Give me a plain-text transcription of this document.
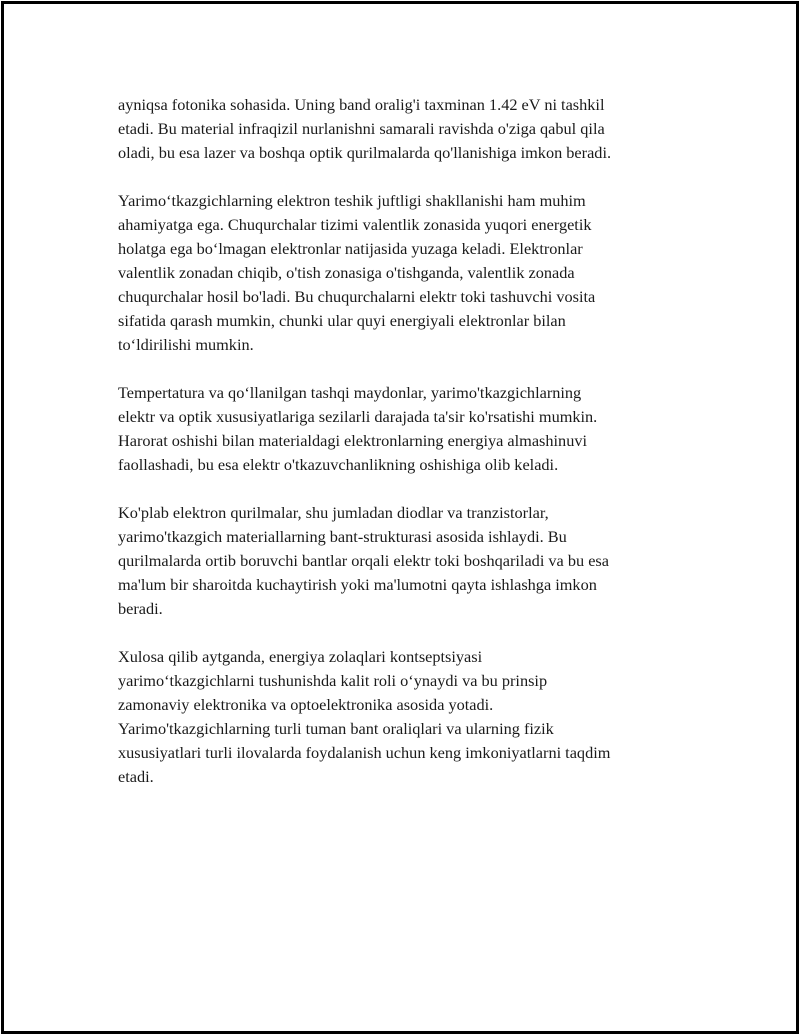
ayniqsa fotonika sohasida. Uning band oralig'i taxminan 1.42 eV ni tashkil
etadi. Bu material infraqizil nurlanishni samarali ravishda o'ziga qabul qila
oladi, bu esa lazer va boshqa optik qurilmalarda qo'llanishiga imkon beradi.

Yarimo‘tkazgichlarning elektron teshik juftligi shakllanishi ham muhim
ahamiyatga ega. Chuqurchalar tizimi valentlik zonasida yuqori energetik
holatga ega bo‘lmagan elektronlar natijasida yuzaga keladi. Elektronlar
valentlik zonadan chiqib, o'tish zonasiga o'tishganda, valentlik zonada
chuqurchalar hosil bo'ladi. Bu chuqurchalarni elektr toki tashuvchi vosita
sifatida qarash mumkin, chunki ular quyi energiyali elektronlar bilan
to‘ldirilishi mumkin.

Tempertatura va qo‘llanilgan tashqi maydonlar, yarimo'tkazgichlarning
elektr va optik xususiyatlariga sezilarli darajada ta'sir ko'rsatishi mumkin.
Harorat oshishi bilan materialdagi elektronlarning energiya almashinuvi
faollashadi, bu esa elektr o'tkazuvchanlikning oshishiga olib keladi.

Ko'plab elektron qurilmalar, shu jumladan diodlar va tranzistorlar,
yarimo'tkazgich materiallarning bant-strukturasi asosida ishlaydi. Bu
qurilmalarda ortib boruvchi bantlar orqali elektr toki boshqariladi va bu esa
ma'lum bir sharoitda kuchaytirish yoki ma'lumotni qayta ishlashga imkon
beradi.

Xulosa qilib aytganda, energiya zolaqlari kontseptsiyasi
yarimo‘tkazgichlarni tushunishda kalit roli o‘ynaydi va bu prinsip
zamonaviy elektronika va optoelektronika asosida yotadi.
Yarimo'tkazgichlarning turli tuman bant oraliqlari va ularning fizik
xususiyatlari turli ilovalarda foydalanish uchun keng imkoniyatlarni taqdim
etadi.
